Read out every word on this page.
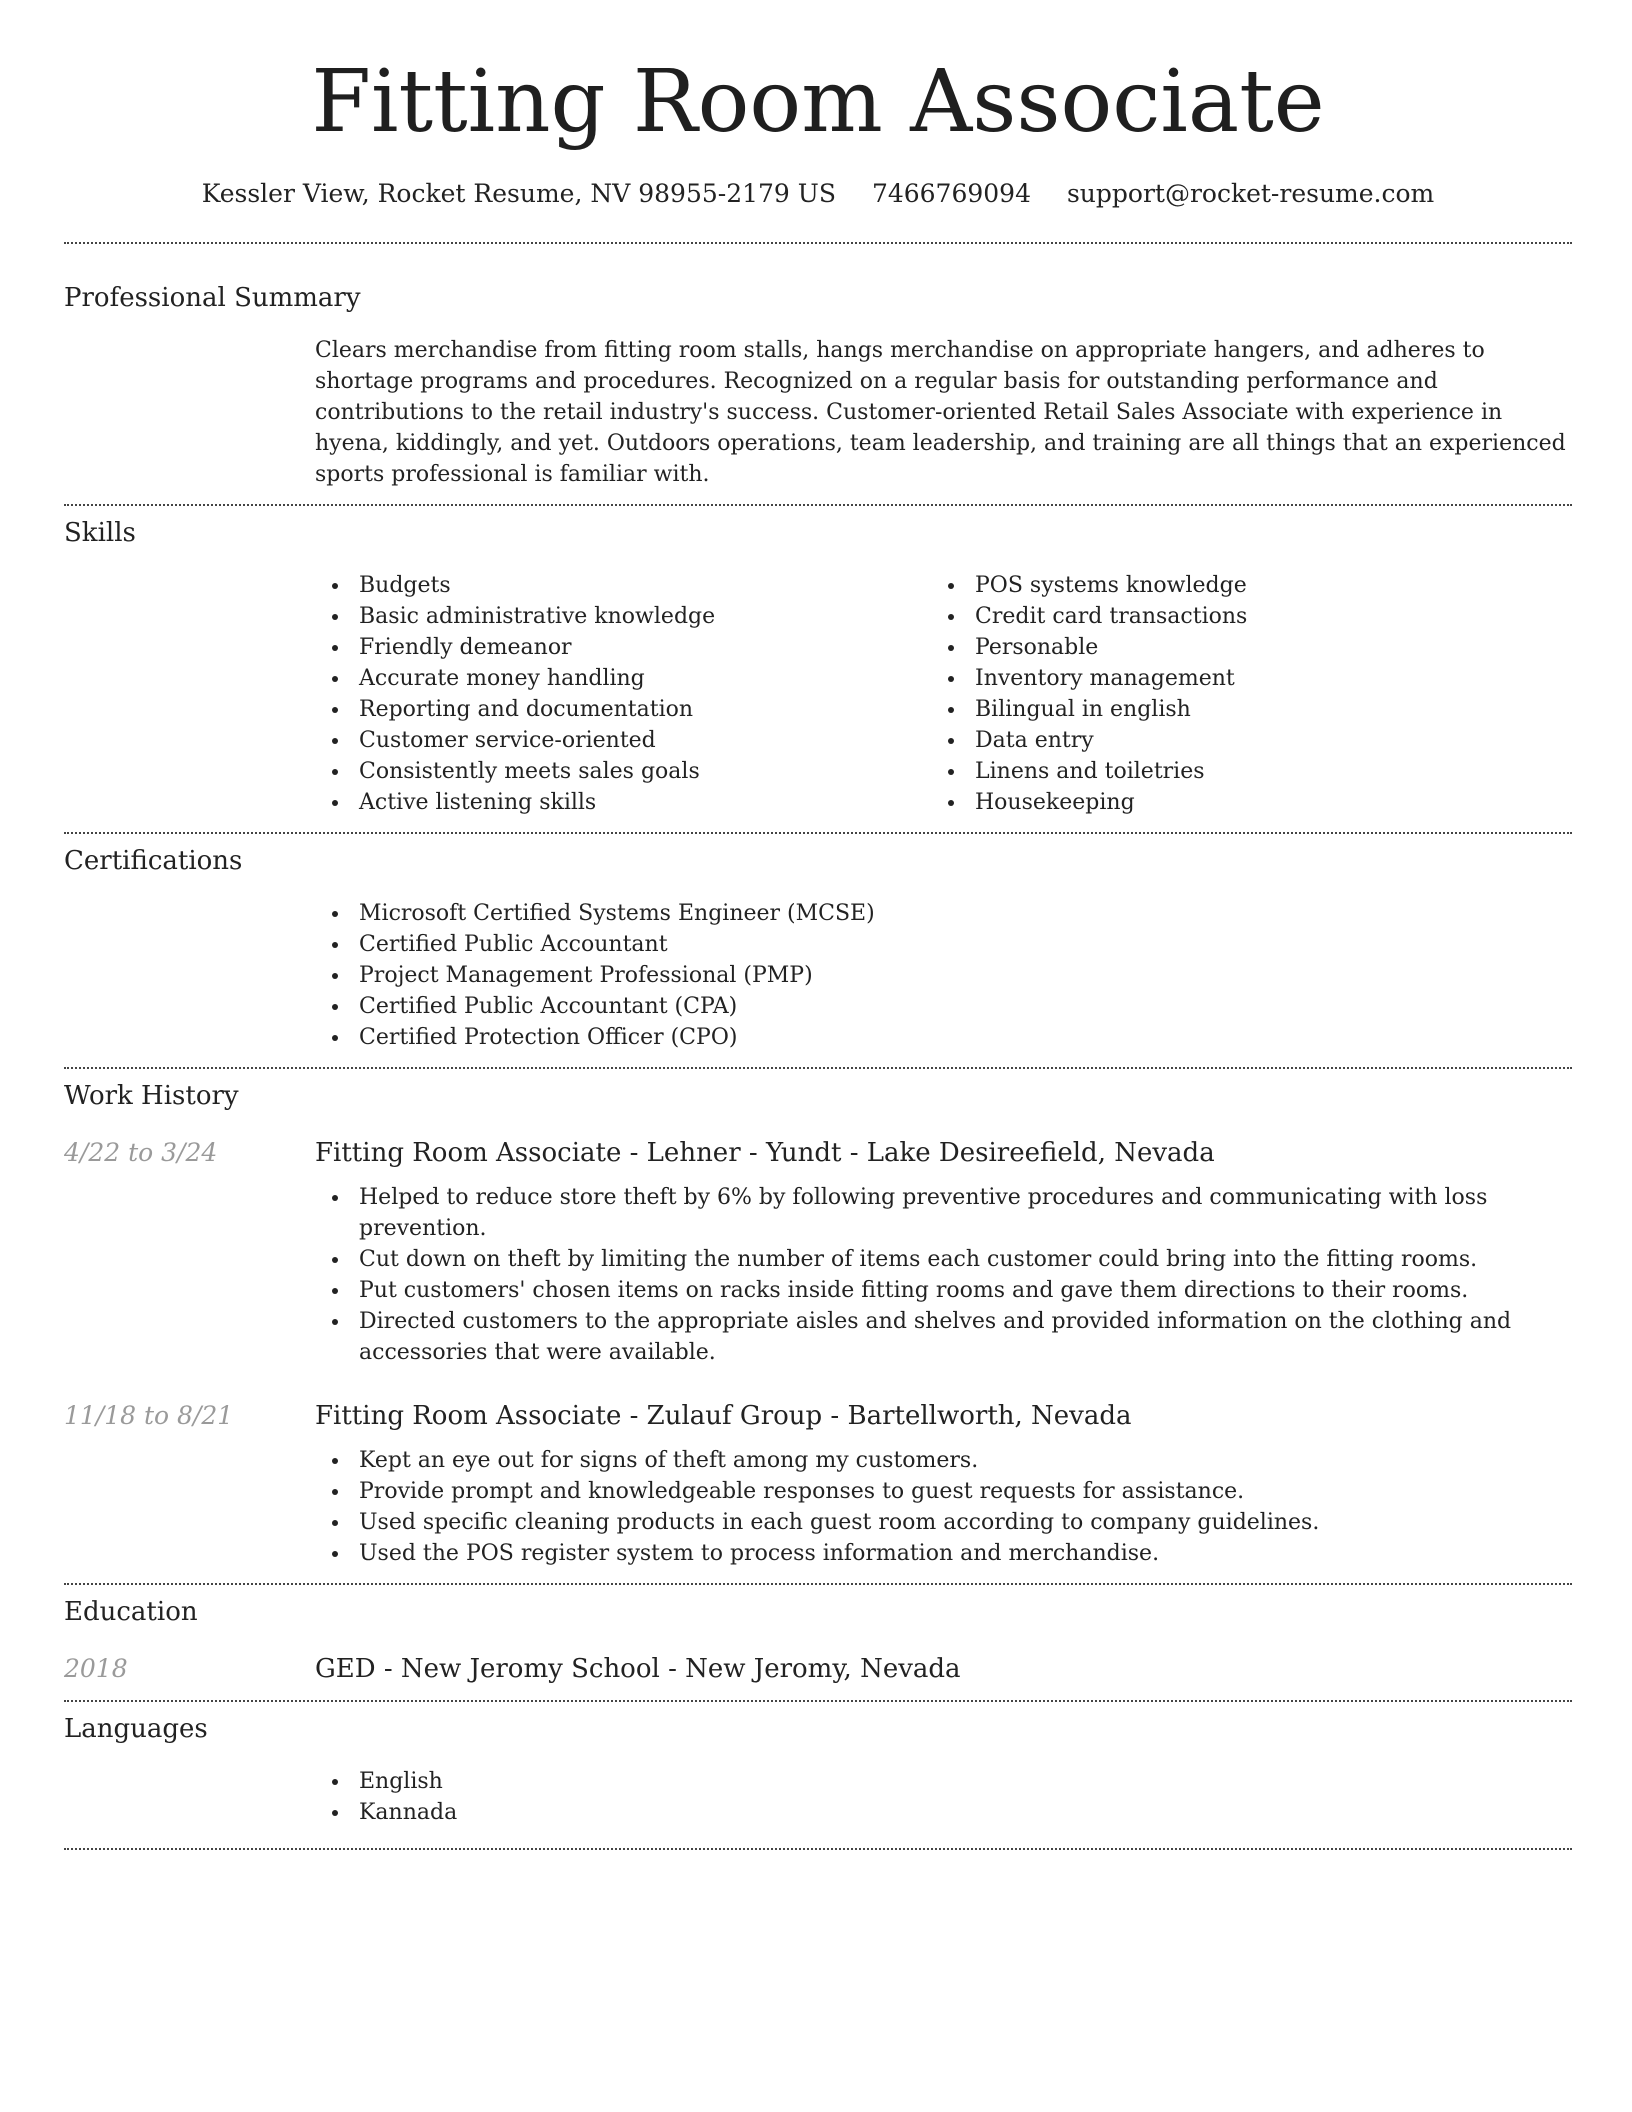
Fitting Room Associate
Kessler View, Rocket Resume, NV 98955-2179 US 7466769094 support@rocket-resume.com
Professional Summary
Clears merchandise from fitting room stalls, hangs merchandise on appropriate hangers, and adheres to shortage programs and procedures. Recognized on a regular basis for outstanding performance and contributions to the retail industry's success. Customer-oriented Retail Sales Associate with experience in hyena, kiddingly, and yet. Outdoors operations, team leadership, and training are all things that an experienced sports professional is familiar with.
Skills
Budgets
Basic administrative knowledge
Friendly demeanor
Accurate money handling
Reporting and documentation
Customer service-oriented
Consistently meets sales goals
Active listening skills
POS systems knowledge
Credit card transactions
Personable
Inventory management
Bilingual in english
Data entry
Linens and toiletries
Housekeeping
Certifications
Microsoft Certified Systems Engineer (MCSE)
Certified Public Accountant
Project Management Professional (PMP)
Certified Public Accountant (CPA)
Certified Protection Officer (CPO)
Work History
4/22 to 3/24	Fitting Room Associate - Lehner - Yundt - Lake Desireefield, Nevada
Helped to reduce store theft by 6% by following preventive procedures and communicating with loss prevention.
Cut down on theft by limiting the number of items each customer could bring into the fitting rooms.
Put customers' chosen items on racks inside fitting rooms and gave them directions to their rooms.
Directed customers to the appropriate aisles and shelves and provided information on the clothing and accessories that were available.
11/18 to 8/21	Fitting Room Associate - Zulauf Group - Bartellworth, Nevada
Kept an eye out for signs of theft among my customers.
Provide prompt and knowledgeable responses to guest requests for assistance.
Used specific cleaning products in each guest room according to company guidelines.
Used the POS register system to process information and merchandise.
Education
2018	GED - New Jeromy School - New Jeromy, Nevada
Languages
English
Kannada
